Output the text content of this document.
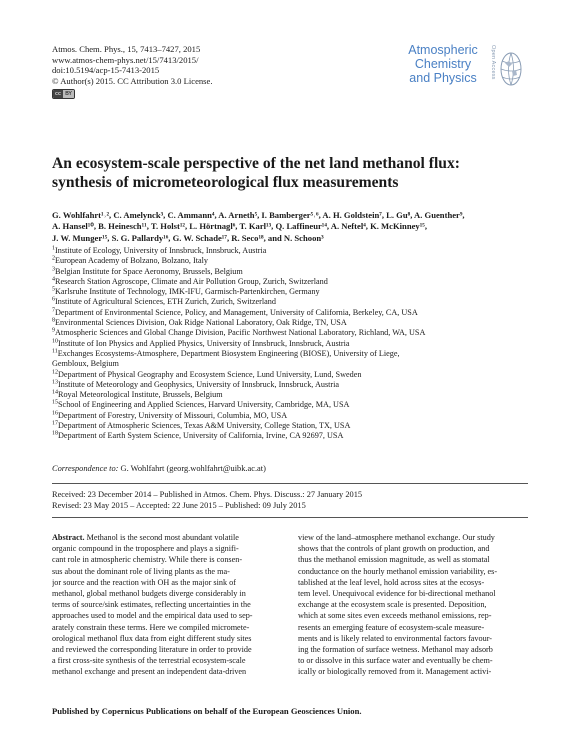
Atmos. Chem. Phys., 15, 7413–7427, 2015
www.atmos-chem-phys.net/15/7413/2015/
doi:10.5194/acp-15-7413-2015
© Author(s) 2015. CC Attribution 3.0 License.
cc BY
Atmospheric
Chemistry
and Physics	Open Access
An ecosystem-scale perspective of the net land methanol flux:
synthesis of micrometeorological flux measurements
G. Wohlfahrt¹˒², C. Amelynck³, C. Ammann⁴, A. Arneth⁵, I. Bamberger⁵˒⁶, A. H. Goldstein⁷, L. Gu⁸, A. Guenther⁹,
A. Hansel¹⁰, B. Heinesch¹¹, T. Holst¹², L. Hörtnagl⁶, T. Karl¹³, Q. Laffineur¹⁴, A. Neftel⁴, K. McKinney¹⁵,
J. W. Munger¹⁵, S. G. Pallardy¹⁶, G. W. Schade¹⁷, R. Seco¹⁸, and N. Schoon³
$^1$Institute of Ecology, University of Innsbruck, Innsbruck, Austria
$^2$European Academy of Bolzano, Bolzano, Italy
$^3$Belgian Institute for Space Aeronomy, Brussels, Belgium
$^4$Research Station Agroscope, Climate and Air Pollution Group, Zurich, Switzerland
$^5$Karlsruhe Institute of Technology, IMK-IFU, Garmisch-Partenkirchen, Germany
$^6$Institute of Agricultural Sciences, ETH Zurich, Zurich, Switzerland
$^7$Department of Environmental Science, Policy, and Management, University of California, Berkeley, CA, USA
$^8$Environmental Sciences Division, Oak Ridge National Laboratory, Oak Ridge, TN, USA
$^9$Atmospheric Sciences and Global Change Division, Pacific Northwest National Laboratory, Richland, WA, USA
$^{10}$Institute of Ion Physics and Applied Physics, University of Innsbruck, Innsbruck, Austria
$^{11}$Exchanges Ecosystems-Atmosphere, Department Biosystem Engineering (BIOSE), University of Liege,
Gembloux, Belgium
$^{12}$Department of Physical Geography and Ecosystem Science, Lund University, Lund, Sweden
$^{13}$Institute of Meteorology and Geophysics, University of Innsbruck, Innsbruck, Austria
$^{14}$Royal Meteorological Institute, Brussels, Belgium
$^{15}$School of Engineering and Applied Sciences, Harvard University, Cambridge, MA, USA
$^{16}$Department of Forestry, University of Missouri, Columbia, MO, USA
$^{17}$Department of Atmospheric Sciences, Texas A&M University, College Station, TX, USA
$^{18}$Department of Earth System Science, University of California, Irvine, CA 92697, USA
Correspondence to: G. Wohlfahrt (georg.wohlfahrt@uibk.ac.at)
Received: 23 December 2014 – Published in Atmos. Chem. Phys. Discuss.: 27 January 2015
Revised: 23 May 2015 – Accepted: 22 June 2015 – Published: 09 July 2015
Abstract. Methanol is the second most abundant volatile
organic compound in the troposphere and plays a signifi-
cant role in atmospheric chemistry. While there is consen-
sus about the dominant role of living plants as the ma-
jor source and the reaction with OH as the major sink of
methanol, global methanol budgets diverge considerably in
terms of source/sink estimates, reflecting uncertainties in the
approaches used to model and the empirical data used to sep-
arately constrain these terms. Here we compiled micromete-
orological methanol flux data from eight different study sites
and reviewed the corresponding literature in order to provide
a first cross-site synthesis of the terrestrial ecosystem-scale
methanol exchange and present an independent data-driven
view of the land–atmosphere methanol exchange. Our study
shows that the controls of plant growth on production, and
thus the methanol emission magnitude, as well as stomatal
conductance on the hourly methanol emission variability, es-
tablished at the leaf level, hold across sites at the ecosys-
tem level. Unequivocal evidence for bi-directional methanol
exchange at the ecosystem scale is presented. Deposition,
which at some sites even exceeds methanol emissions, rep-
resents an emerging feature of ecosystem-scale measure-
ments and is likely related to environmental factors favour-
ing the formation of surface wetness. Methanol may adsorb
to or dissolve in this surface water and eventually be chem-
ically or biologically removed from it. Management activi-
Published by Copernicus Publications on behalf of the European Geosciences Union.
